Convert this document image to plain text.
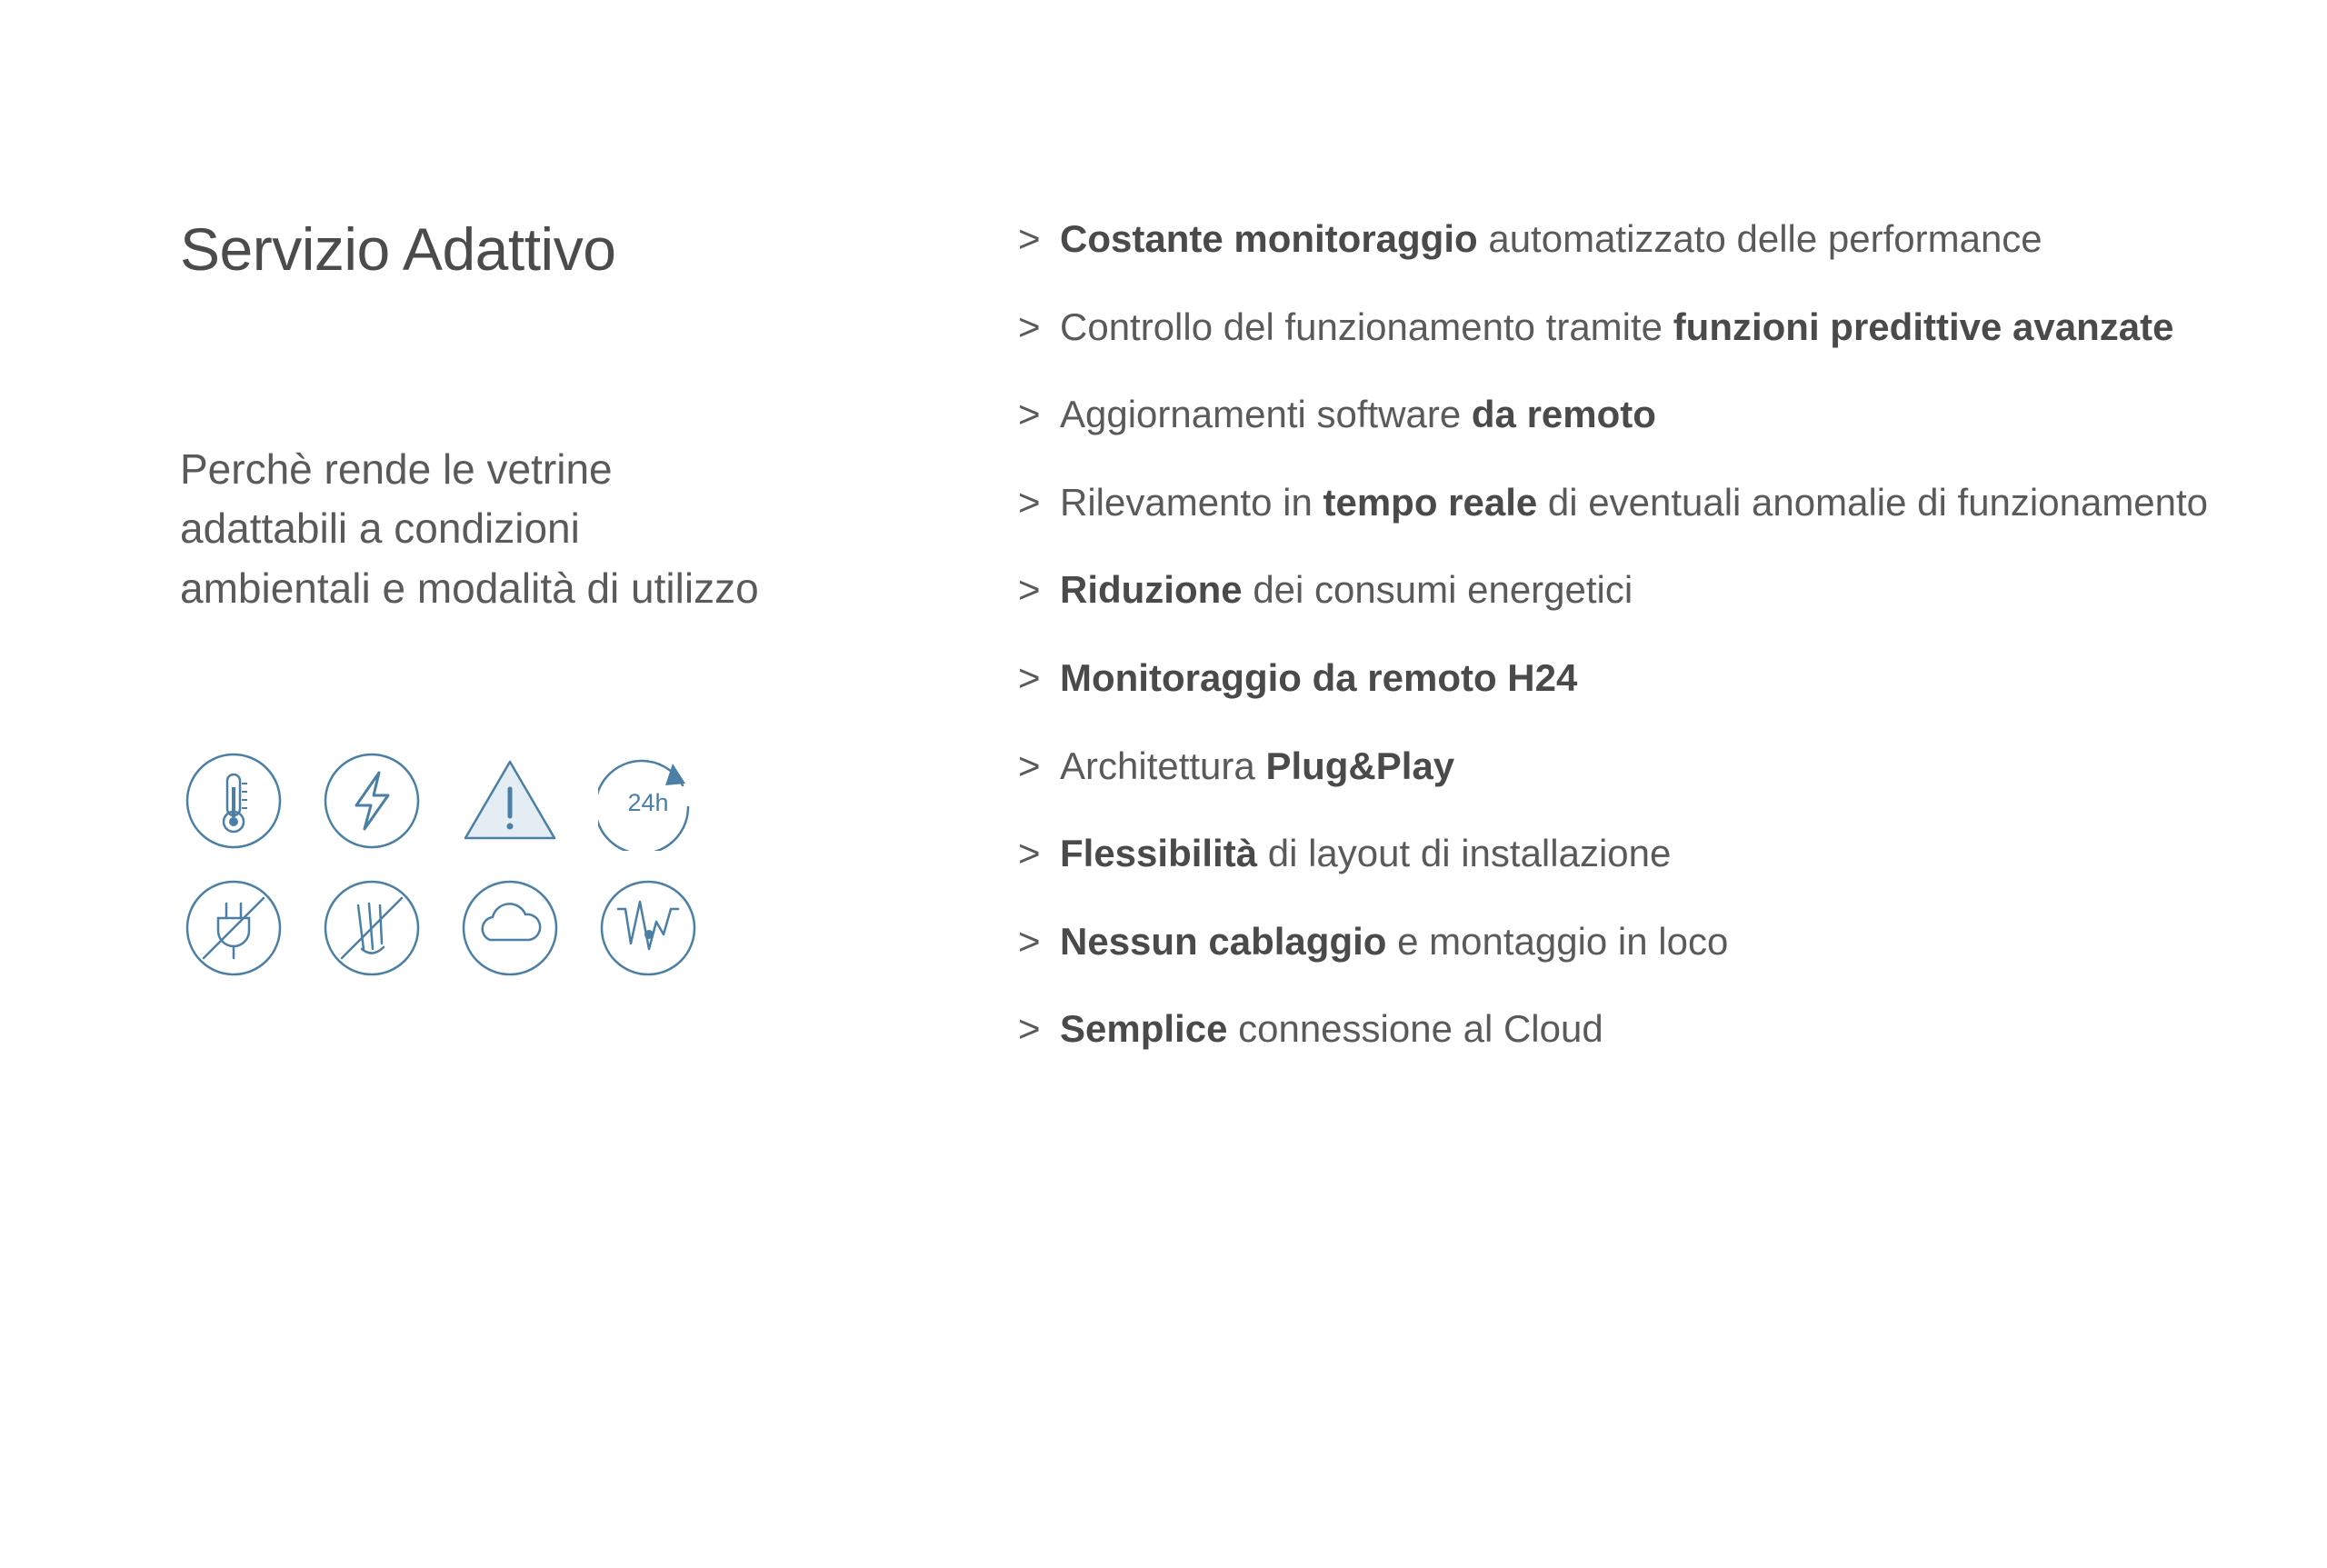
Servizio Adattivo

Perchè rende le vetrine adattabili a condizioni ambientali e modalità di utilizzo

24h
> Costante monitoraggio automatizzato delle performance
> Controllo del funzionamento tramite funzioni predittive avanzate
> Aggiornamenti software da remoto
> Rilevamento in tempo reale di eventuali anomalie di funzionamento
> Riduzione dei consumi energetici
> Monitoraggio da remoto H24
> Architettura Plug&Play
> Flessibilità di layout di installazione
> Nessun cablaggio e montaggio in loco
> Semplice connessione al Cloud
